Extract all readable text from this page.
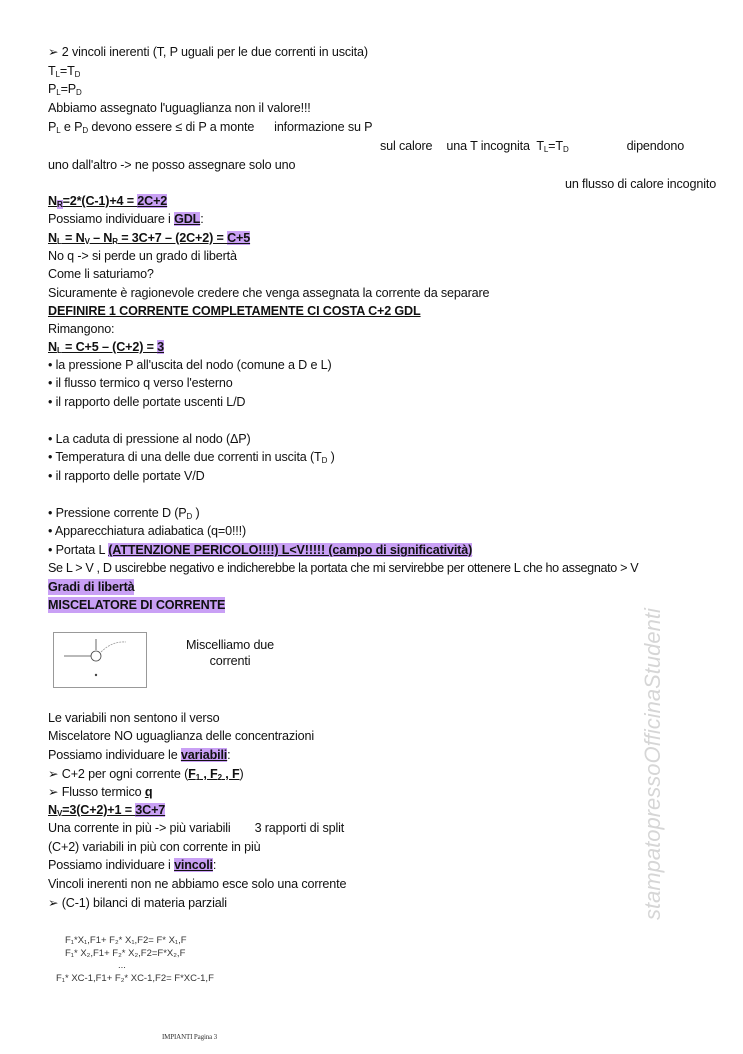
stampatopressoOfficinaStudenti
➢ 2 vincoli inerenti (T, P uguali per le due correnti in uscita)
$T_L=T_D$
$P_L=P_D$
Abbiamo assegnato l'uguaglianza non il valore!!!
$P_L$ e $P_D$ devono essere ≤ di P a monte informazione su P
sul calore una T incognita $T_L=T_D$	dipendono
uno dall'altro -> ne posso assegnare solo uno
un flusso di calore incognito
$N_R=2*(C-1)+4 = 2C+2$
Possiamo individuare i GDL:
$N_L = N_V - N_R = 3C+7 - (2C+2) = C+5$
No q -> si perde un grado di libertà
Come li saturiamo?
Sicuramente è ragionevole credere che venga assegnata la corrente da separare
DEFINIRE 1 CORRENTE COMPLETAMENTE CI COSTA C+2 GDL
Rimangono:
$N_L = C+5 - (C+2) = 3$
• la pressione P all'uscita del nodo (comune a D e L)
• il flusso termico q verso l'esterno
• il rapporto delle portate uscenti L/D
• La caduta di pressione al nodo (ΔP)
• Temperatura di una delle due correnti in uscita ($T_D$ )
• il rapporto delle portate V/D
• Pressione corrente D ($P_D$ )
• Apparecchiatura adiabatica (q=0!!!)
• Portata L (ATTENZIONE PERICOLO!!!!) L<V!!!!! (campo di significatività)
Se L > V , D uscirebbe negativo e indicherebbe la portata che mi servirebbe per ottenere L che ho assegnato > V
Gradi di libertà
MISCELATORE DI CORRENTE
Miscelliamo due
correnti
Le variabili non sentono il verso
Miscelatore NO uguaglianza delle concentrazioni
Possiamo individuare le variabili:
➢ C+2 per ogni corrente ($F_1$ , $F_2$ , F)
➢ Flusso termico q
$N_V=3(C+2)+1 = 3C+7$
Una corrente in più -> più variabili 3 rapporti di split
(C+2) variabili in più con corrente in più
Possiamo individuare i vincoli:
Vincoli inerenti non ne abbiamo esce solo una corrente
➢ (C-1) bilanci di materia parziali
F₁*X₁,F1+ F₂* X₁,F2= F* X₁,F
F₁* X₂,F1+ F₂* X₂,F2=F*X₂,F
...
F₁* XC-1,F1+ F₂* XC-1,F2= F*XC-1,F
IMPIANTI Pagina 3
